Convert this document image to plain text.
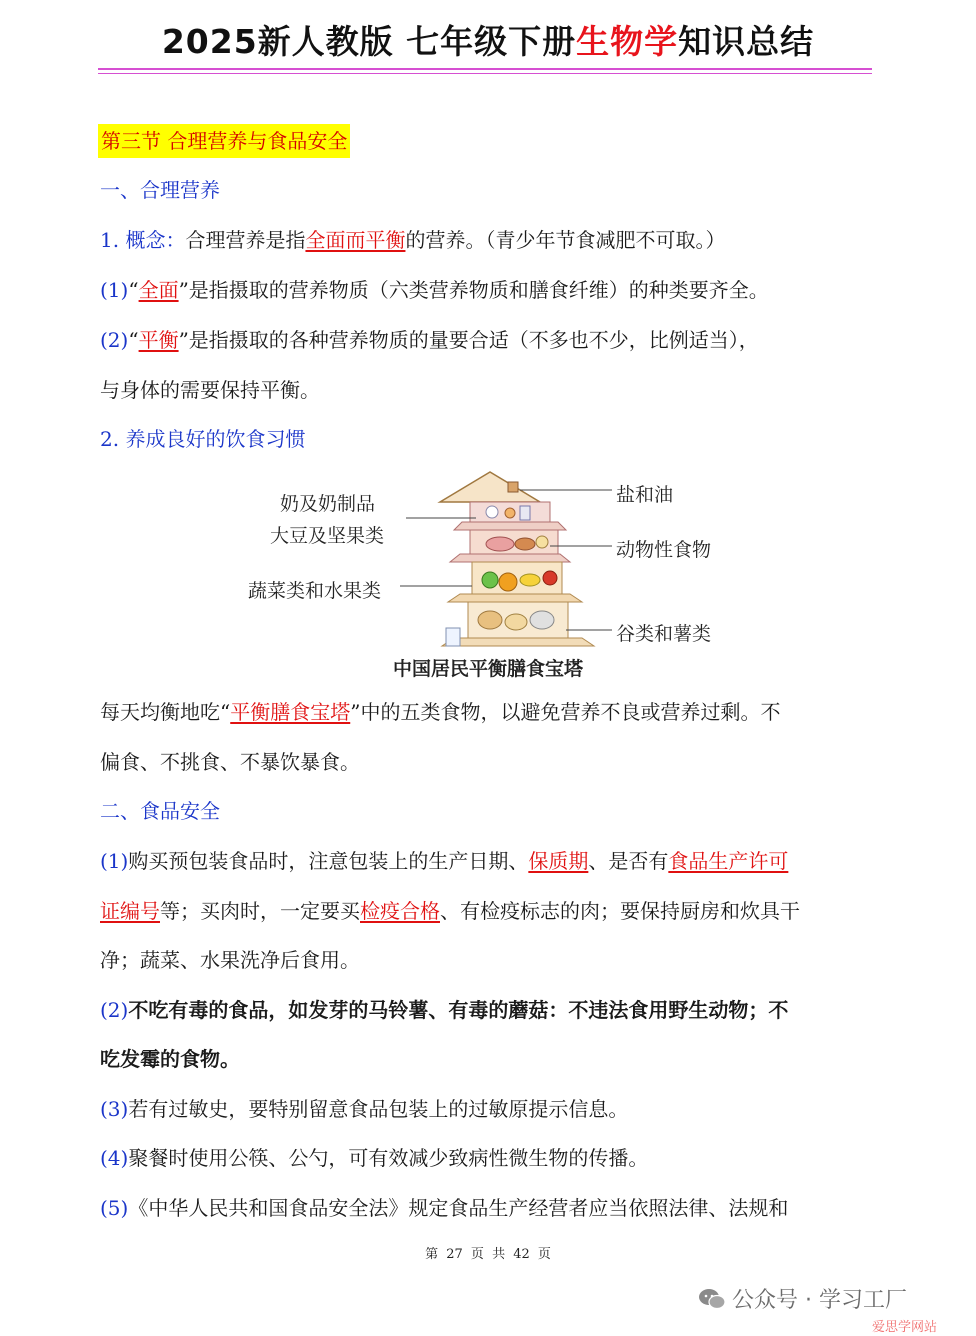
2025新人教版 七年级下册生物学知识总结
第三节 合理营养与食品安全
一、合理营养
1. 概念：合理营养是指全面而平衡的营养。（青少年节食减肥不可取。）
(1)“全面”是指摄取的营养物质（六类营养物质和膳食纤维）的种类要齐全。
(2)“平衡”是指摄取的各种营养物质的量要合适（不多也不少，比例适当），
与身体的需要保持平衡。
2. 养成良好的饮食习惯
奶及奶制品
大豆及坚果类
蔬菜类和水果类
盐和油
动物性食物
谷类和薯类
中国居民平衡膳食宝塔
每天均衡地吃“平衡膳食宝塔”中的五类食物，以避免营养不良或营养过剩。不
偏食、不挑食、不暴饮暴食。
二、食品安全
(1)购买预包装食品时，注意包装上的生产日期、保质期、是否有食品生产许可
证编号等；买肉时，一定要买检疫合格、有检疫标志的肉；要保持厨房和炊具干
净；蔬菜、水果洗净后食用。
(2)不吃有毒的食品，如发芽的马铃薯、有毒的蘑菇：不违法食用野生动物；不
吃发霉的食物。
(3)若有过敏史，要特别留意食品包装上的过敏原提示信息。
(4)聚餐时使用公筷、公勺，可有效减少致病性微生物的传播。
(5)《中华人民共和国食品安全法》规定食品生产经营者应当依照法律、法规和
第 27 页 共 42 页
公众号 · 学习工厂
爱思学网站
